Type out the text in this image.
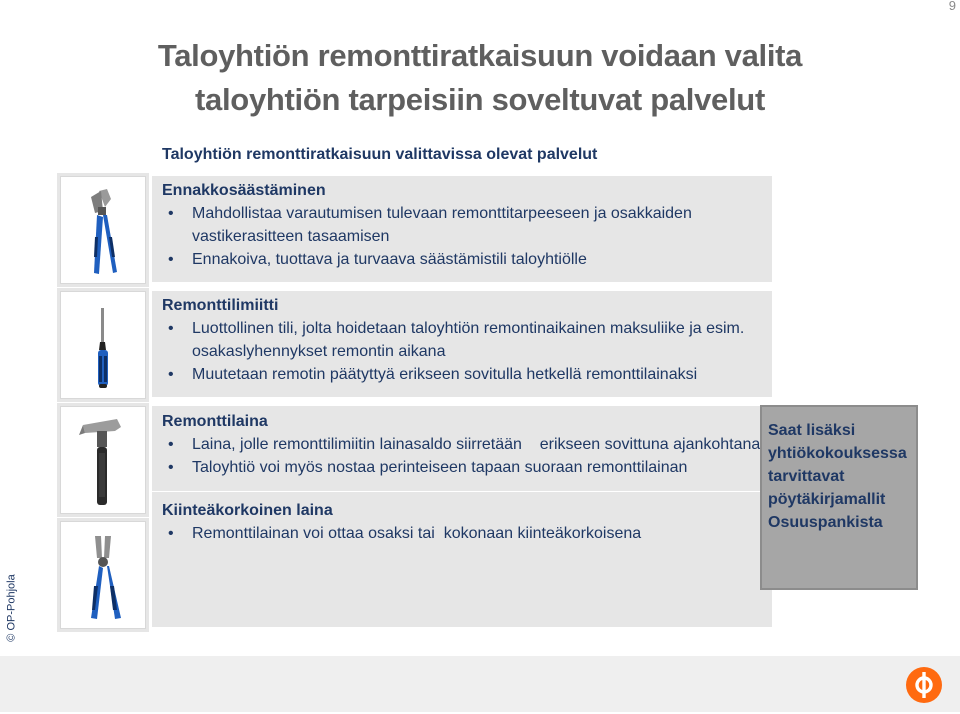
9
Taloyhtiön remonttiratkaisuun voidaan valita
taloyhtiön tarpeisiin soveltuvat palvelut
Taloyhtiön remonttiratkaisuun valittavissa olevat palvelut
Ennakkosäästäminen
• Mahdollistaa varautumisen tulevaan remonttitarpeeseen ja osakkaiden vastikerasitteen tasaamisen
• Ennakoiva, tuottava ja turvaava säästämistili taloyhtiölle
Remonttilimiitti
• Luottollinen tili, jolta hoidetaan taloyhtiön remontinaikainen maksuliike ja esim. osakaslyhennykset remontin aikana
• Muutetaan remotin päätyttyä erikseen sovitulla hetkellä remonttilainaksi
Remonttilaina
• Laina, jolle remonttilimiitin lainasaldo siirretään    erikseen sovittuna ajankohtana
• Taloyhtiö voi myös nostaa perinteiseen tapaan suoraan remonttilainan
Kiinteäkorkoinen laina
• Remonttilainan voi ottaa osaksi tai  kokonaan kiinteäkorkoisena
Saat lisäksi
yhtiökokouksessa
tarvittavat
pöytäkirjamallit
Osuuspankista
© OP-Pohjola
